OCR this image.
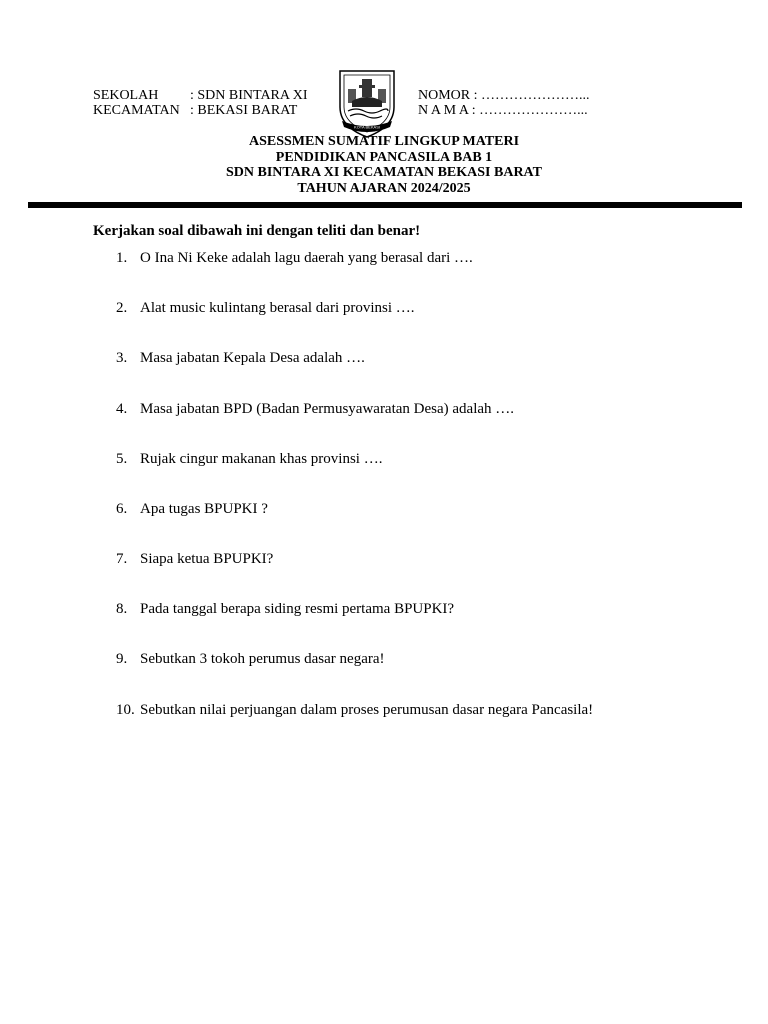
SEKOLAH	: SDN BINTARA XI
KECAMATAN : BEKASI BARAT
KOTA BEKASI
NOMOR :
…………………...
N A M A :
…………………...
ASESSMEN SUMATIF LINGKUP MATERI
PENDIDIKAN PANCASILA BAB 1
SDN BINTARA XI KECAMATAN BEKASI BARAT
TAHUN AJARAN 2024/2025
Kerjakan soal dibawah ini dengan teliti dan benar!
1. O Ina Ni Keke adalah lagu daerah yang berasal dari ….
2. Alat music kulintang berasal dari provinsi ….
3. Masa jabatan Kepala Desa adalah ….
4. Masa jabatan BPD (Badan Permusyawaratan Desa) adalah ….
5. Rujak cingur makanan khas provinsi ….
6. Apa tugas BPUPKI ?
7. Siapa ketua BPUPKI?
8. Pada tanggal berapa siding resmi pertama BPUPKI?
9. Sebutkan 3 tokoh perumus dasar negara!
10. Sebutkan nilai perjuangan dalam proses perumusan dasar negara Pancasila!
